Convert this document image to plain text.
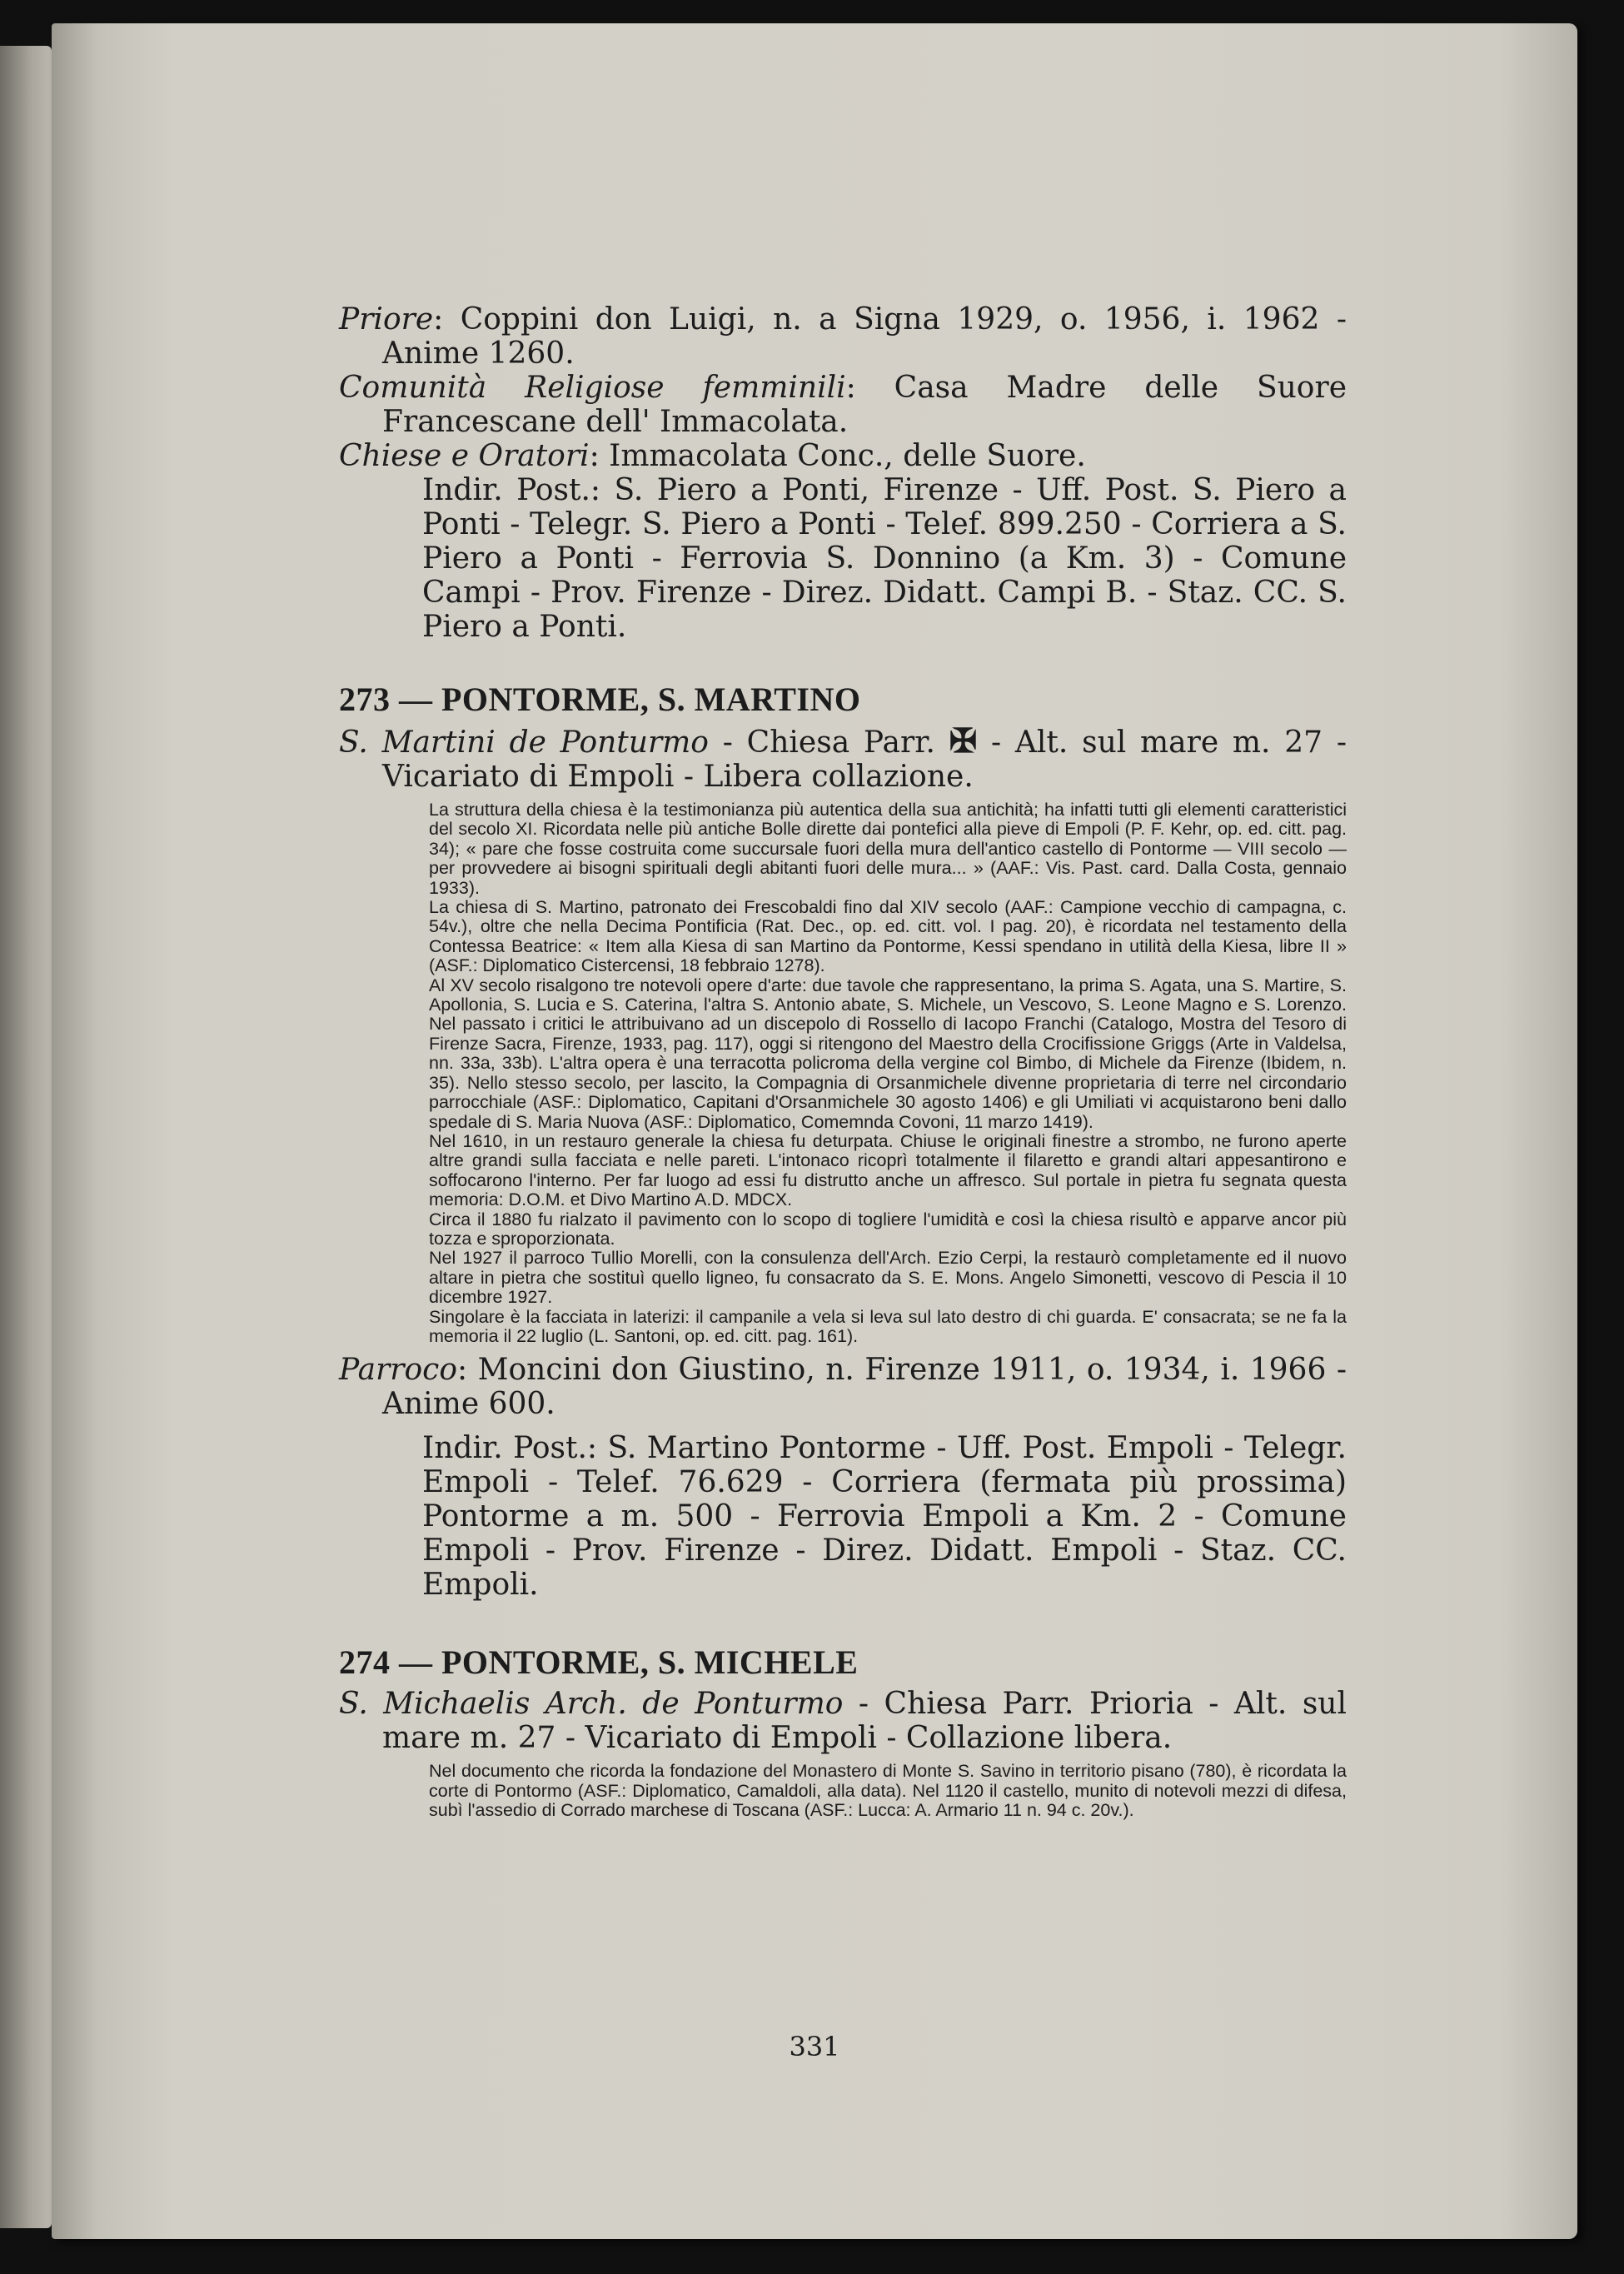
Priore: Coppini don Luigi, n. a Signa 1929, o. 1956, i. 1962 - Anime 1260.
Comunità Religiose femminili: Casa Madre delle Suore Francescane dell' Immacolata.
Chiese e Oratori: Immacolata Conc., delle Suore.
Indir. Post.: S. Piero a Ponti, Firenze - Uff. Post. S. Piero a Ponti - Telegr. S. Piero a Ponti - Telef. 899.250 - Corriera a S. Piero a Ponti - Ferrovia S. Donnino (a Km. 3) - Comune Campi - Prov. Firenze - Direz. Didatt. Campi B. - Staz. CC. S. Piero a Ponti.
273 — PONTORME, S. MARTINO
S. Martini de Ponturmo - Chiesa Parr. ✠ - Alt. sul mare m. 27 - Vicariato di Empoli - Libera collazione.

La struttura della chiesa è la testimonianza più autentica della sua antichità; ha infatti tutti gli elementi caratteristici del secolo XI. Ricordata nelle più antiche Bolle dirette dai pontefici alla pieve di Empoli (P. F. Kehr, op. ed. citt. pag. 34); « pare che fosse costruita come succursale fuori della mura dell'antico castello di Pontorme — VIII secolo — per provvedere ai bisogni spirituali degli abitanti fuori delle mura... » (AAF.: Vis. Past. card. Dalla Costa, gennaio 1933).

La chiesa di S. Martino, patronato dei Frescobaldi fino dal XIV secolo (AAF.: Campione vecchio di campagna, c. 54v.), oltre che nella Decima Pontificia (Rat. Dec., op. ed. citt. vol. I pag. 20), è ricordata nel testamento della Contessa Beatrice: « Item alla Kiesa di san Martino da Pontorme, Kessi spendano in utilità della Kiesa, libre II » (ASF.: Diplomatico Cistercensi, 18 febbraio 1278).

Al XV secolo risalgono tre notevoli opere d'arte: due tavole che rappresentano, la prima S. Agata, una S. Martire, S. Apollonia, S. Lucia e S. Caterina, l'altra S. Antonio abate, S. Michele, un Vescovo, S. Leone Magno e S. Lorenzo. Nel passato i critici le attribuivano ad un discepolo di Rossello di Iacopo Franchi (Catalogo, Mostra del Tesoro di Firenze Sacra, Firenze, 1933, pag. 117), oggi si ritengono del Maestro della Crocifissione Griggs (Arte in Valdelsa, nn. 33a, 33b). L'altra opera è una terracotta policroma della vergine col Bimbo, di Michele da Firenze (Ibidem, n. 35). Nello stesso secolo, per lascito, la Compagnia di Orsanmichele divenne proprietaria di terre nel circondario parrocchiale (ASF.: Diplomatico, Capitani d'Orsanmichele 30 agosto 1406) e gli Umiliati vi acquistarono beni dallo spedale di S. Maria Nuova (ASF.: Diplomatico, Comemnda Covoni, 11 marzo 1419).

Nel 1610, in un restauro generale la chiesa fu deturpata. Chiuse le originali finestre a strombo, ne furono aperte altre grandi sulla facciata e nelle pareti. L'intonaco ricoprì totalmente il filaretto e grandi altari appesantirono e soffocarono l'interno. Per far luogo ad essi fu distrutto anche un affresco. Sul portale in pietra fu segnata questa memoria: D.O.M. et Divo Martino A.D. MDCX.

Circa il 1880 fu rialzato il pavimento con lo scopo di togliere l'umidità e così la chiesa risultò e apparve ancor più tozza e sproporzionata.

Nel 1927 il parroco Tullio Morelli, con la consulenza dell'Arch. Ezio Cerpi, la restaurò completamente ed il nuovo altare in pietra che sostituì quello ligneo, fu consacrato da S. E. Mons. Angelo Simonetti, vescovo di Pescia il 10 dicembre 1927.

Singolare è la facciata in laterizi: il campanile a vela si leva sul lato destro di chi guarda. E' consacrata; se ne fa la memoria il 22 luglio (L. Santoni, op. ed. citt. pag. 161).

Parroco: Moncini don Giustino, n. Firenze 1911, o. 1934, i. 1966 - Anime 600.
Indir. Post.: S. Martino Pontorme - Uff. Post. Empoli - Telegr. Empoli - Telef. 76.629 - Corriera (fermata più prossima) Pontorme a m. 500 - Ferrovia Empoli a Km. 2 - Comune Empoli - Prov. Firenze - Direz. Didatt. Empoli - Staz. CC. Empoli.
274 — PONTORME, S. MICHELE
S. Michaelis Arch. de Ponturmo - Chiesa Parr. Prioria - Alt. sul mare m. 27 - Vicariato di Empoli - Collazione libera.

Nel documento che ricorda la fondazione del Monastero di Monte S. Savino in territorio pisano (780), è ricordata la corte di Pontormo (ASF.: Diplomatico, Camaldoli, alla data). Nel 1120 il castello, munito di notevoli mezzi di difesa, subì l'assedio di Corrado marchese di Toscana (ASF.: Lucca: A. Armario 11 n. 94 c. 20v.).

331
